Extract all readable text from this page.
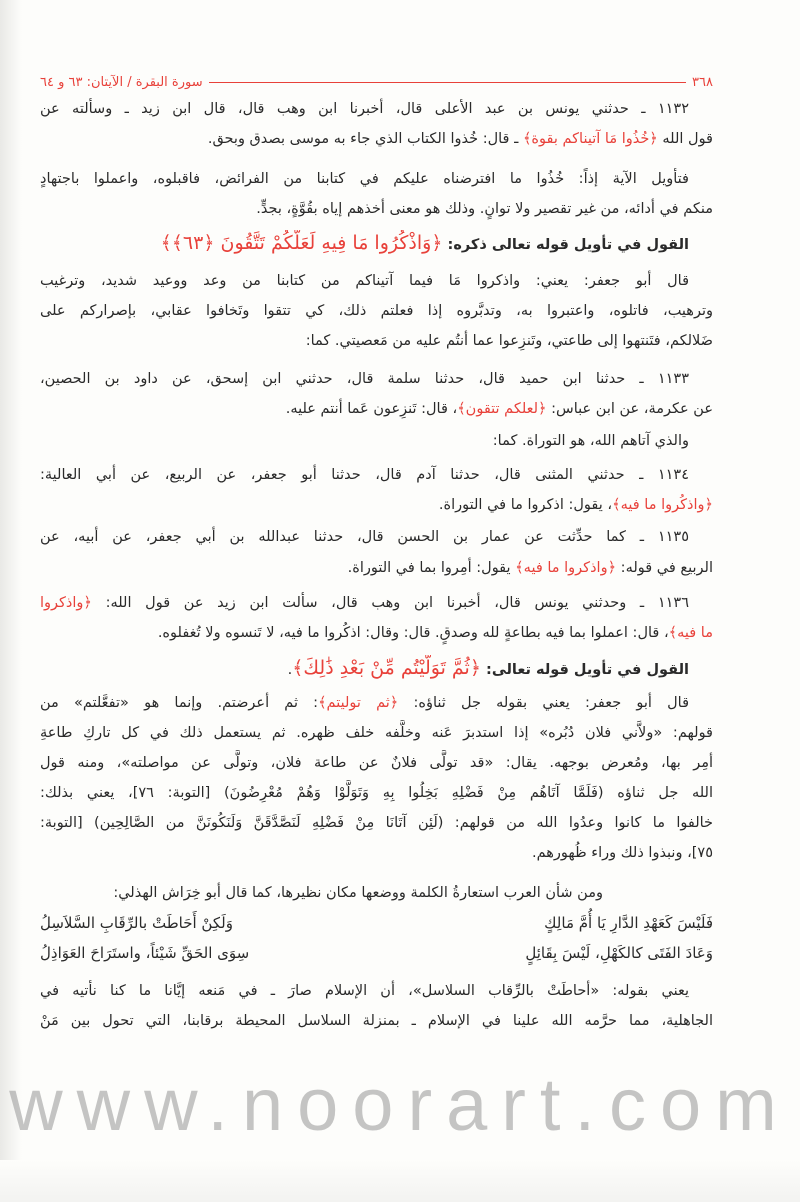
٣٦٨
سورة البقرة / الآيتان: ٦٣ و ٦٤
١١٣٢ ـ حدثني يونس بن عبد الأعلى قال، أخبرنا ابن وهب قال، قال ابن زيد ـ وسألته عن
قول الله ﴿خُذُوا مَا آتيناكم بقوة﴾ ـ قال: خُذوا الكتاب الذي جاء به موسى بصدق وبحق.
فتأويل الآية إذاً: خُذُوا ما افترضناه عليكم في كتابنا من الفرائض، فاقبلوه، واعملوا باجتهادٍ
منكم في أدائه، من غير تقصير ولا توانٍ. وذلك هو معنى أخذهم إياه بقُوَّةٍ، بجدٍّ.
القول في تأويل قوله تعالى ذكره: ﴿وَاذْكُرُوا مَا فِيهِ لَعَلَّكُمْ تَتَّقُونَ ﴿٦٣﴾﴾
قال أبو جعفر: يعني: واذكروا مَا فيما آتيناكم من كتابنا من وعد ووعيد شديد، وترغيب
وترهيب، فاتلوه، واعتبروا به، وتدبَّروه إذا فعلتم ذلك، كي تتقوا وتَخافوا عقابي، بإصراركم على
ضَلالكم، فتَنتهوا إلى طاعتي، وتَنزِعوا عما أنتُم عليه من مَعصيتي. كما:
١١٣٣ ـ حدثنا ابن حميد قال، حدثنا سلمة قال، حدثني ابن إسحق، عن داود بن الحصين،
عن عكرمة، عن ابن عباس: ﴿لعلكم تتقون﴾، قال: تَنزِعون عَما أنتم عليه.
والذي آتاهم الله، هو التوراة. كما:
١١٣٤ ـ حدثني المثنى قال، حدثنا آدم قال، حدثنا أبو جعفر، عن الربيع، عن أبي العالية:
﴿واذكُروا ما فيه﴾، يقول: اذكروا ما في التوراة.
١١٣٥ ـ كما حدِّثت عن عمار بن الحسن قال، حدثنا عبدالله بن أبي جعفر، عن أبيه، عن
الربيع في قوله: ﴿واذكروا ما فيه﴾ يقول: أمِروا بما في التوراة.
١١٣٦ ـ وحدثني يونس قال، أخبرنا ابن وهب قال، سألت ابن زيد عن قول الله: ﴿واذكروا
ما فيه﴾، قال: اعملوا بما فيه بطاعةٍ لله وصدقٍ. قال: وقال: اذكُروا ما فيه، لا تَنسوه ولا تُغفلوه.
القول في تأويل قوله تعالى: ﴿ثُمَّ تَوَلَّيْتُم مِّنْ بَعْدِ ذَٰلِكَ﴾.
قال أبو جعفر: يعني بقوله جل ثناؤه: ﴿ثم توليتم﴾: ثم أعرضتم. وإنما هو «تفعَّلتم» من
قولهم: «ولاَّني فلان دُبُره» إذا استدبرَ عَنه وخلَّفه خلف ظهره. ثم يستعمل ذلك في كل تاركِ طاعةِ
أمِر بها، ومُعرض بوجهه. يقال: «قد تولَّى فلانٌ عن طاعة فلان، وتولَّى عن مواصلته»، ومنه قول
الله جل ثناؤه (فَلَمَّا آتَاهُم مِنْ فَضْلِهِ بَخِلُوا بِهِ وَتَوَلَّوْا وَهُمْ مُعْرِضُونَ) [التوبة: ٧٦]، يعني بذلك:
خالفوا ما كانوا وعدُوا الله من قولهم: (لَئِن آتَانَا مِنْ فَضْلِهِ لَنَصَّدَّقَنَّ وَلَنَكُونَنَّ من الصَّالِحِين) [التوبة:
٧٥]، ونبذوا ذلك وراء ظُهورهم.
ومن شأن العرب استعارةُ الكلمة ووضعها مكان نظيرها، كما قال أبو خِرَاش الهذلي:
فَلَيْسَ كَعَهْدِ الدَّارِ يَا أُمَّ مَالِكٍ
وَلَكِنْ أَحَاطَتْ بالرِّقَابِ السَّلاَسِلُ
وَعَادَ الفَتَى كالكَهْلِ، لَيْسَ بِقَائِلٍ
سِوَى الحَقِّ شَيْئاً، واستَرَاحَ العَوَاذِلُ
يعني بقوله: «أحاطَتْ بالرِّقاب السلاسل»، أن الإسلام صارَ ـ في مَنعه إيَّانا ما كنا نأتيه في
الجاهلية، مما حرَّمه الله علينا في الإسلام ـ بمنزلة السلاسل المحيطة برقابنا، التي تحول بين مَنْ
www.noorart.com
